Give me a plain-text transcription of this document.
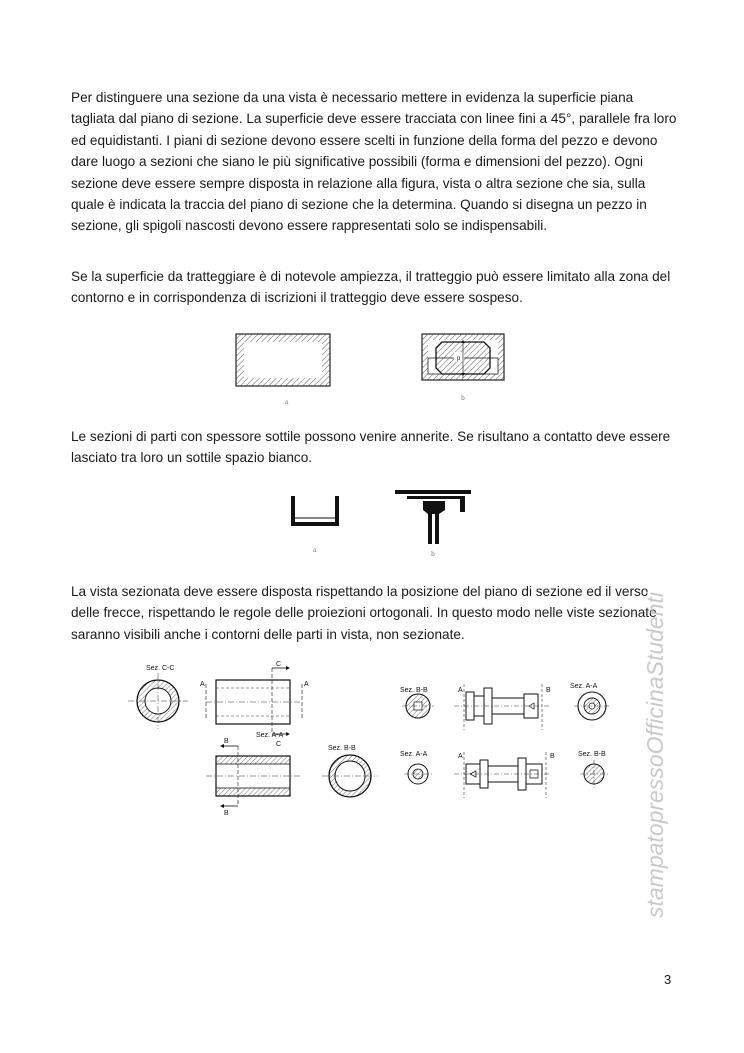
Per distinguere una sezione da una vista è necessario mettere in evidenza la superficie piana tagliata dal piano di sezione. La superficie deve essere tracciata con linee fini a 45°, parallele fra loro ed equidistanti. I piani di sezione devono essere scelti in funzione della forma del pezzo e devono dare luogo a sezioni che siano le più significative possibili (forma e dimensioni del pezzo). Ogni sezione deve essere sempre disposta in relazione alla figura, vista o altra sezione che sia, sulla quale è indicata la traccia del piano di sezione che la determina. Quando si disegna un pezzo in sezione, gli spigoli nascosti devono essere rappresentati solo se indispensabili.

Se la superficie da tratteggiare è di notevole ampiezza, il tratteggio può essere limitato alla zona del contorno e in corrispondenza di iscrizioni il tratteggio deve essere sospeso.

a
p
b

Le sezioni di parti con spessore sottile possono venire annerite. Se risultano a contatto deve essere lasciato tra loro un sottile spazio bianco.

a
b

La vista sezionata deve essere disposta rispettando la posizione del piano di sezione ed il verso delle frecce, rispettando le regole delle proiezioni ortogonali. In questo modo nelle viste sezionate saranno visibili anche i contorni delle parti in vista, non sezionate.

Sez. C-C
A	A
C
C
Sez. A-A
B
B
Sez. B-B
Sez. B-B	A	B
Sez. A-A
Sez. A-A	A	B	Sez. B-B stampatopressoOfficinaStudenti
3
